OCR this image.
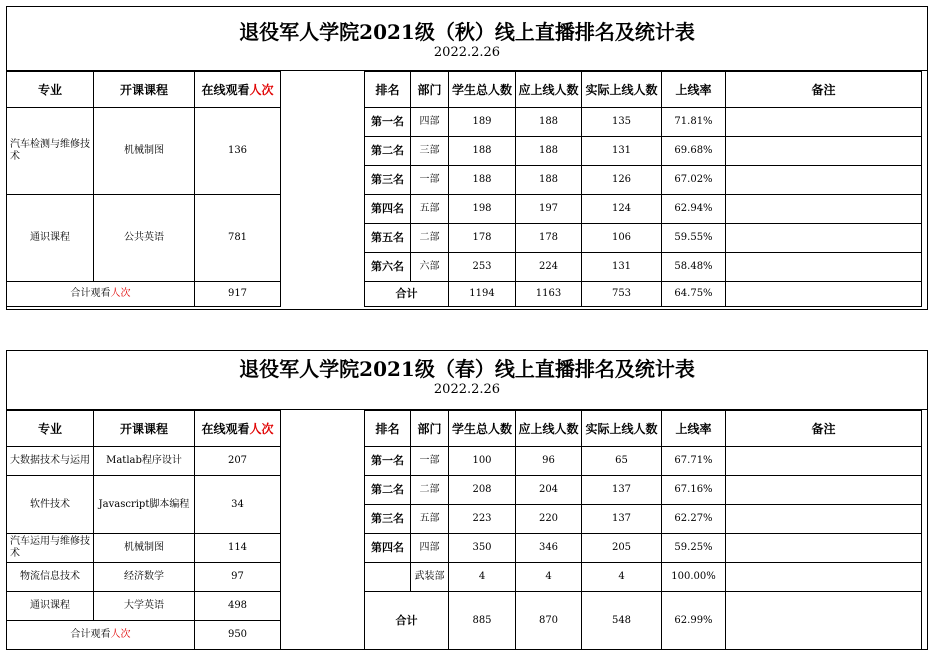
退役军人学院2021级（秋）线上直播排名及统计表
2022.2.26
专业	开课课程	在线观看人次
汽车检测与维修技术	机械制图	136
通识课程	公共英语	781
合计观看人次		917
排名	部门	学生总人数	应上线人数	实际上线人数	上线率	备注
第一名	四部	189	188	135	71.81%	
第二名	三部	188	188	131	69.68%	
第三名	一部	188	188	126	67.02%	
第四名	五部	198	197	124	62.94%	
第五名	二部	178	178	106	59.55%	
第六名	六部	253	224	131	58.48%	
合计		1194	1163	753	64.75%	
退役军人学院2021级（春）线上直播排名及统计表
2022.2.26
专业	开课课程	在线观看人次
大数据技术与运用	Matlab程序设计	207
软件技术	Javascript脚本编程	34
汽车运用与维修技术	机械制图	114
物流信息技术	经济数学	97
通识课程	大学英语	498
合计观看人次		950
排名	部门	学生总人数	应上线人数	实际上线人数	上线率	备注
第一名	一部	100	96	65	67.71%	
第二名	二部	208	204	137	67.16%	
第三名	五部	223	220	137	62.27%	
第四名	四部	350	346	205	59.25%	
	武装部	4	4	4	100.00%	
合计		885	870	548	62.99%	
